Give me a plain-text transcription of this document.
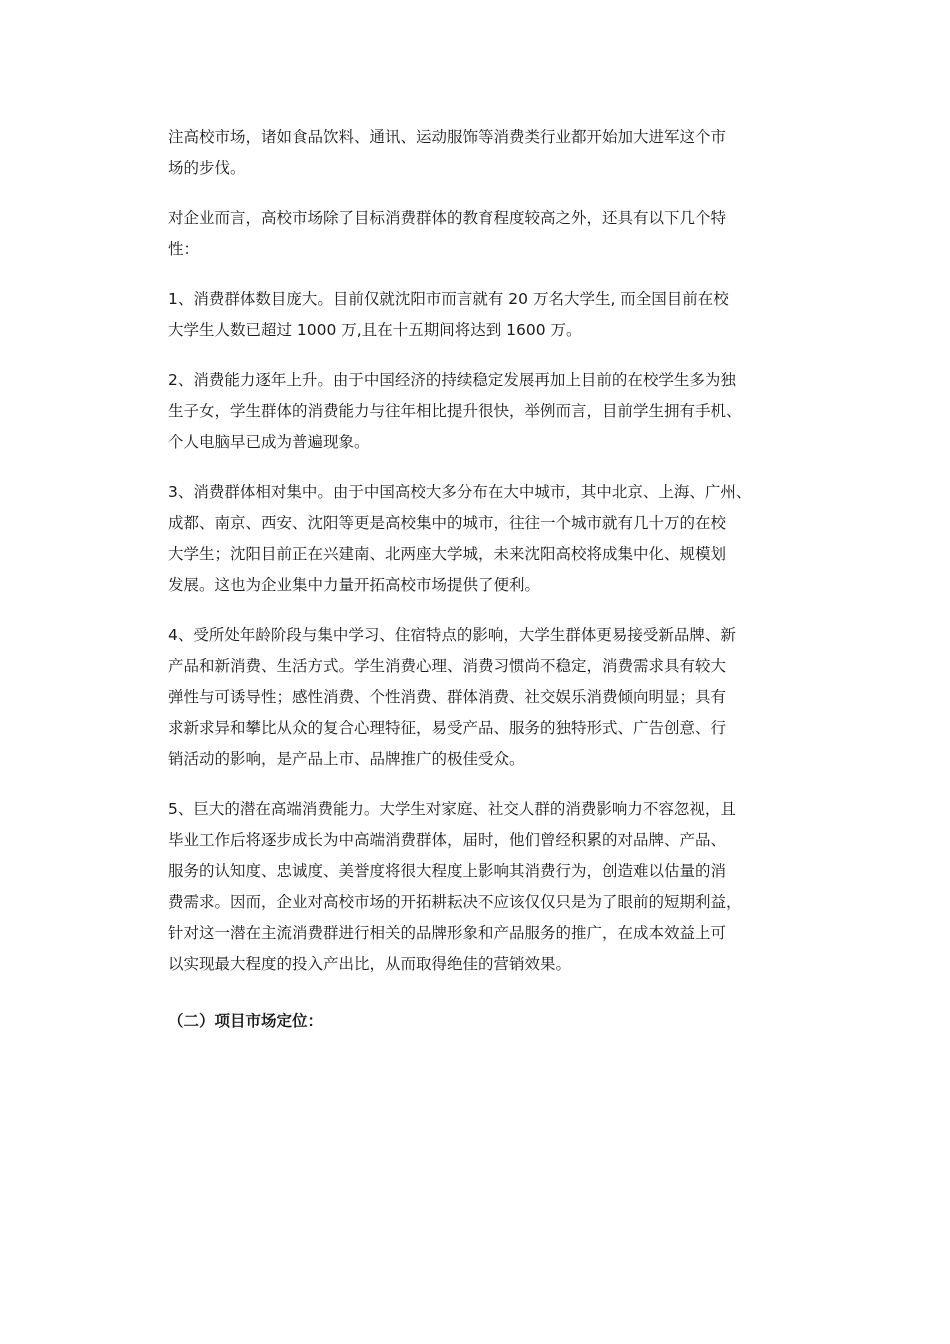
注高校市场，诸如食品饮料、通讯、运动服饰等消费类行业都开始加大进军这个市
场的步伐。
对企业而言，高校市场除了目标消费群体的教育程度较高之外，还具有以下几个特
性：
1、消费群体数目庞大。目前仅就沈阳市而言就有 20 万名大学生, 而全国目前在校
大学生人数已超过 1000 万,且在十五期间将达到 1600 万。
2、消费能力逐年上升。由于中国经济的持续稳定发展再加上目前的在校学生多为独
生子女，学生群体的消费能力与往年相比提升很快，举例而言，目前学生拥有手机、
个人电脑早已成为普遍现象。
3、消费群体相对集中。由于中国高校大多分布在大中城市，其中北京、上海、广州、
成都、南京、西安、沈阳等更是高校集中的城市，往往一个城市就有几十万的在校
大学生；沈阳目前正在兴建南、北两座大学城，未来沈阳高校将成集中化、规模划
发展。这也为企业集中力量开拓高校市场提供了便利。
4、受所处年龄阶段与集中学习、住宿特点的影响，大学生群体更易接受新品牌、新
产品和新消费、生活方式。学生消费心理、消费习惯尚不稳定，消费需求具有较大
弹性与可诱导性；感性消费、个性消费、群体消费、社交娱乐消费倾向明显；具有
求新求异和攀比从众的复合心理特征，易受产品、服务的独特形式、广告创意、行
销活动的影响，是产品上市、品牌推广的极佳受众。
5、巨大的潜在高端消费能力。大学生对家庭、社交人群的消费影响力不容忽视，且
毕业工作后将逐步成长为中高端消费群体，届时，他们曾经积累的对品牌、产品、
服务的认知度、忠诚度、美誉度将很大程度上影响其消费行为，创造难以估量的消
费需求。因而，企业对高校市场的开拓耕耘决不应该仅仅只是为了眼前的短期利益，
针对这一潜在主流消费群进行相关的品牌形象和产品服务的推广，在成本效益上可
以实现最大程度的投入产出比，从而取得绝佳的营销效果。
（二）项目市场定位：
